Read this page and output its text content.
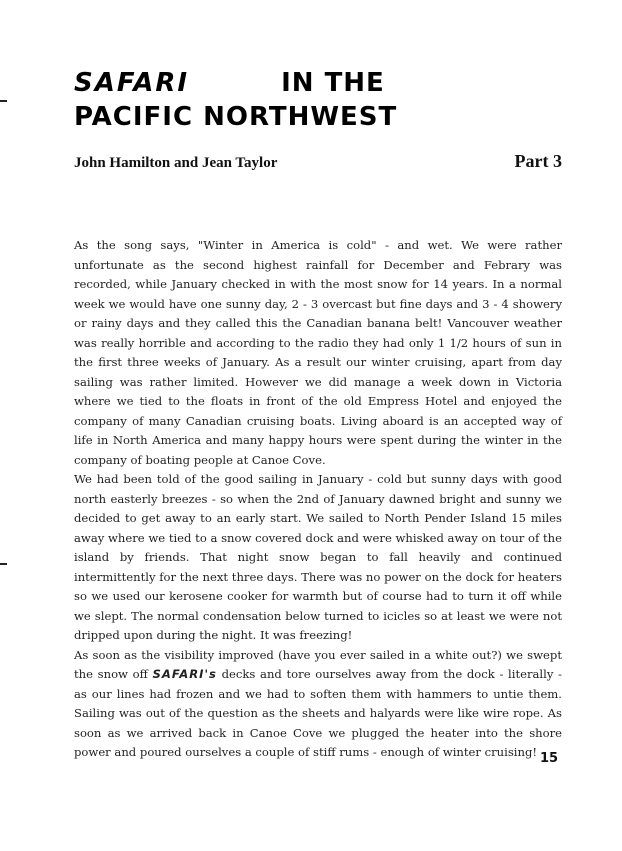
SAFARI	IN THE
PACIFIC NORTHWEST
John Hamilton and Jean Taylor	Part 3

As the song says, "Winter in America is cold" - and wet. We were rather unfortunate as the second highest rainfall for December and Febrary was recorded, while January checked in with the most snow for 14 years. In a normal week we would have one sunny day, 2 - 3 overcast but fine days and 3 - 4 showery or rainy days and they called this the Canadian banana belt! Vancouver weather was really horrible and according to the radio they had only 1 1/2 hours of sun in the first three weeks of January. As a result our winter cruising, apart from day sailing was rather limited. However we did manage a week down in Victoria where we tied to the floats in front of the old Empress Hotel and enjoyed the company of many Canadian cruising boats. Living aboard is an accepted way of life in North America and many happy hours were spent during the winter in the company of boating people at Canoe Cove.

We had been told of the good sailing in January - cold but sunny days with good north easterly breezes - so when the 2nd of January dawned bright and sunny we decided to get away to an early start. We sailed to North Pender Island 15 miles away where we tied to a snow covered dock and were whisked away on tour of the island by friends. That night snow began to fall heavily and continued intermittently for the next three days. There was no power on the dock for heaters so we used our kerosene cooker for warmth but of course had to turn it off while we slept. The normal condensation below turned to icicles so at least we were not dripped upon during the night. It was freezing!

As soon as the visibility improved (have you ever sailed in a white out?) we swept the snow off SAFARI's decks and tore ourselves away from the dock - literally - as our lines had frozen and we had to soften them with hammers to untie them. Sailing was out of the question as the sheets and halyards were like wire rope. As soon as we arrived back in Canoe Cove we plugged the heater into the shore power and poured ourselves a couple of stiff rums - enough of winter cruising! 15
